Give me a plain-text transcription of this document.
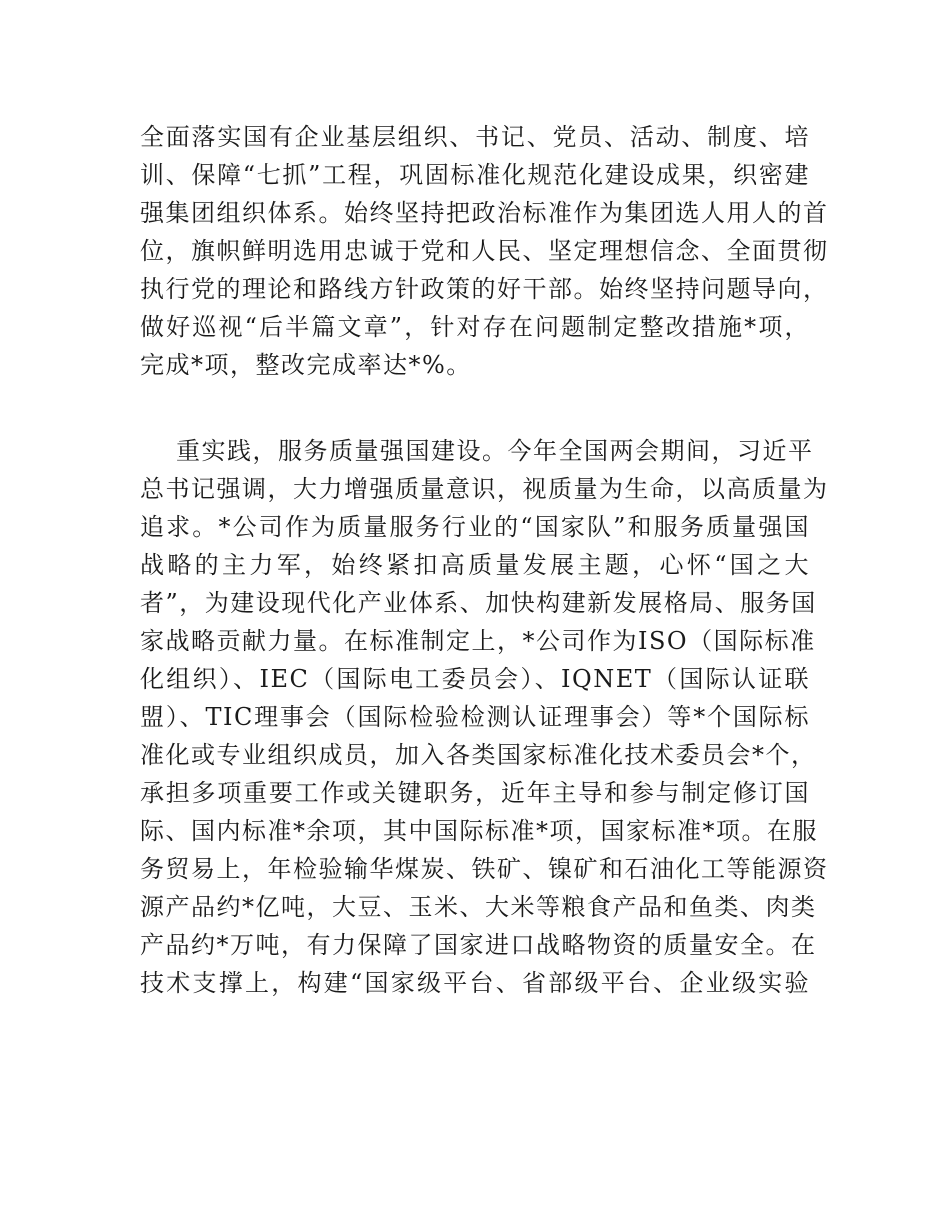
全面落实国有企业基层组织、书记、党员、活动、制度、培
训、保障“七抓”工程，巩固标准化规范化建设成果，织密建
强集团组织体系。始终坚持把政治标准作为集团选人用人的首
位，旗帜鲜明选用忠诚于党和人民、坚定理想信念、全面贯彻
执行党的理论和路线方针政策的好干部。始终坚持问题导向，
做好巡视“后半篇文章”，针对存在问题制定整改措施*项，
完成*项，整改完成率达*%。
重实践，服务质量强国建设。今年全国两会期间，习近平
总书记强调，大力增强质量意识，视质量为生命，以高质量为
追求。*公司作为质量服务行业的“国家队”和服务质量强国
战略的主力军，始终紧扣高质量发展主题，心怀“国之大
者”，为建设现代化产业体系、加快构建新发展格局、服务国
家战略贡献力量。在标准制定上，*公司作为ISO（国际标准
化组织）、IEC（国际电工委员会）、IQNET（国际认证联
盟）、TIC理事会（国际检验检测认证理事会）等*个国际标
准化或专业组织成员，加入各类国家标准化技术委员会*个，
承担多项重要工作或关键职务，近年主导和参与制定修订国
际、国内标准*余项，其中国际标准*项，国家标准*项。在服
务贸易上，年检验输华煤炭、铁矿、镍矿和石油化工等能源资
源产品约*亿吨，大豆、玉米、大米等粮食产品和鱼类、肉类
产品约*万吨，有力保障了国家进口战略物资的质量安全。在
技术支撑上，构建“国家级平台、省部级平台、企业级实验
